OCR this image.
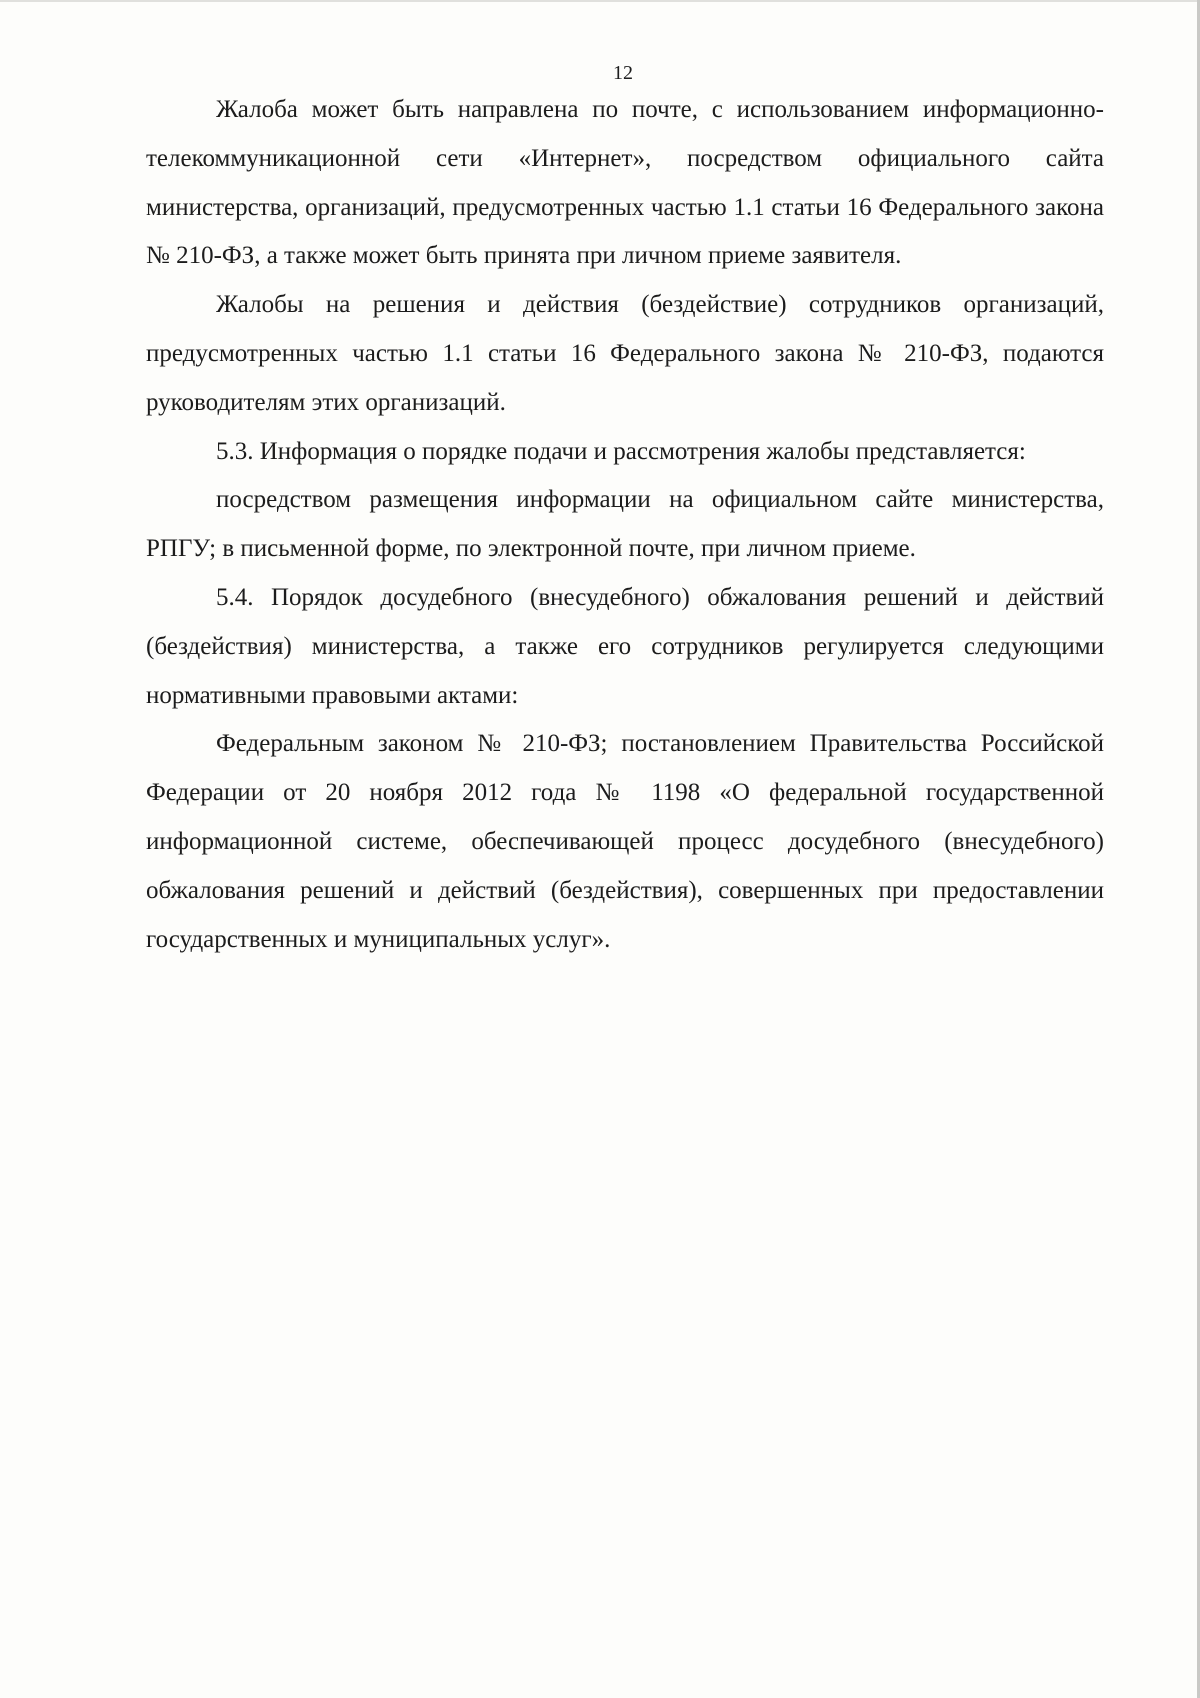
12

Жалоба может быть направлена по почте, с использованием информационно-телекоммуникационной сети «Интернет», посредством официального сайта министерства, организаций, предусмотренных частью 1.1 статьи 16 Федерального закона № 210-ФЗ, а также может быть принята при личном приеме заявителя.

Жалобы на решения и действия (бездействие) сотрудников организаций, предусмотренных частью 1.1 статьи 16 Федерального закона № 210-ФЗ, подаются руководителям этих организаций.

5.3. Информация о порядке подачи и рассмотрения жалобы представляется:

посредством размещения информации на официальном сайте министерства, РПГУ; в письменной форме, по электронной почте, при личном приеме.

5.4. Порядок досудебного (внесудебного) обжалования решений и действий (бездействия) министерства, а также его сотрудников регулируется следующими нормативными правовыми актами:

Федеральным законом № 210-ФЗ; постановлением Правительства Российской Федерации от 20 ноября 2012 года № 1198 «О федеральной государственной информационной системе, обеспечивающей процесс досудебного (внесудебного) обжалования решений и действий (бездействия), совершенных при предоставлении государственных и муниципальных услуг».
